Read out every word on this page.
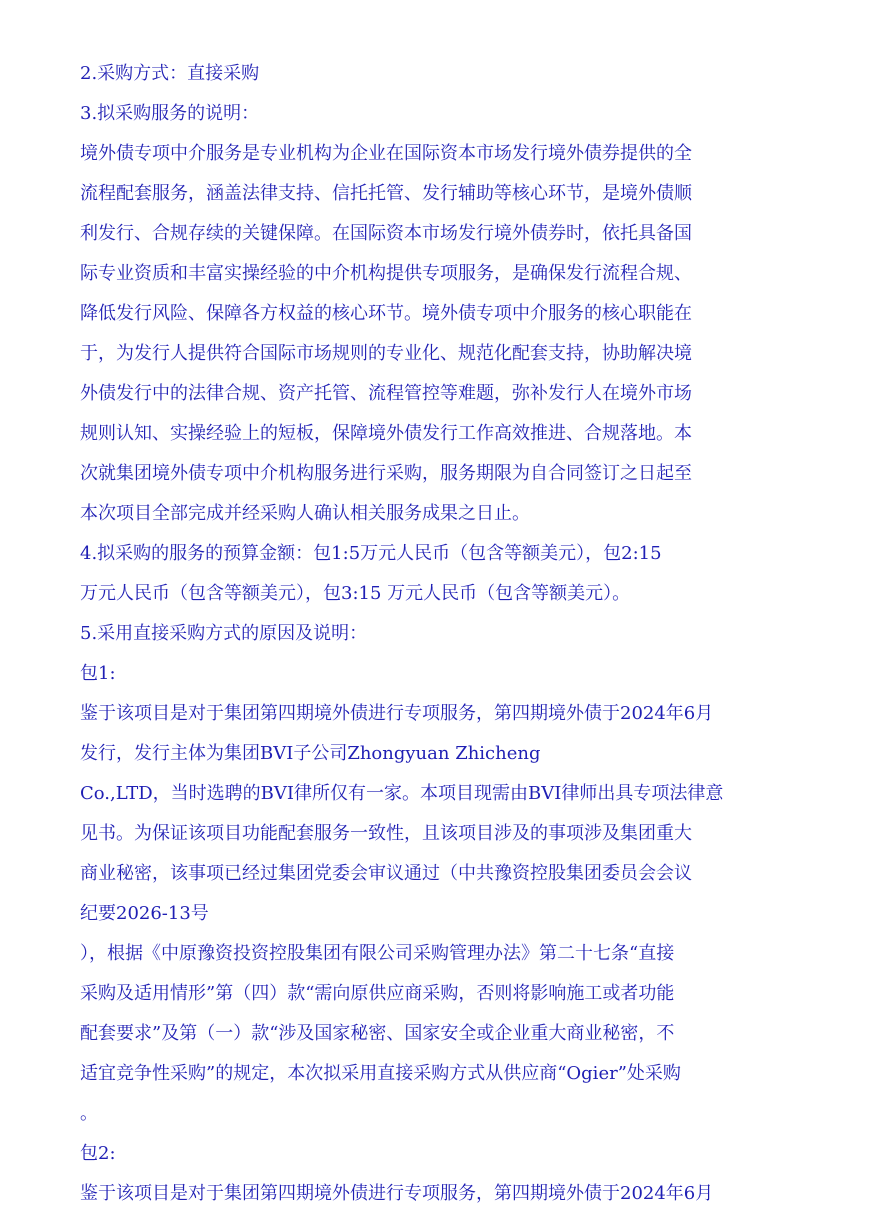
2.采购方式：直接采购
3.拟采购服务的说明：
境外债专项中介服务是专业机构为企业在国际资本市场发行境外债券提供的全
流程配套服务，涵盖法律支持、信托托管、发行辅助等核心环节，是境外债顺
利发行、合规存续的关键保障。在国际资本市场发行境外债券时，依托具备国
际专业资质和丰富实操经验的中介机构提供专项服务，是确保发行流程合规、
降低发行风险、保障各方权益的核心环节。境外债专项中介服务的核心职能在
于，为发行人提供符合国际市场规则的专业化、规范化配套支持，协助解决境
外债发行中的法律合规、资产托管、流程管控等难题，弥补发行人在境外市场
规则认知、实操经验上的短板，保障境外债发行工作高效推进、合规落地。本
次就集团境外债专项中介机构服务进行采购，服务期限为自合同签订之日起至
本次项目全部完成并经采购人确认相关服务成果之日止。
4.拟采购的服务的预算金额：包1:5万元人民币（包含等额美元），包2:15
万元人民币（包含等额美元），包3:15 万元人民币（包含等额美元）。
5.采用直接采购方式的原因及说明：
包1:
鉴于该项目是对于集团第四期境外债进行专项服务，第四期境外债于2024年6月
发行，发行主体为集团BVI子公司Zhongyuan Zhicheng
Co.,LTD，当时选聘的BVI律所仅有一家。本项目现需由BVI律师出具专项法律意
见书。为保证该项目功能配套服务一致性，且该项目涉及的事项涉及集团重大
商业秘密，该事项已经过集团党委会审议通过（中共豫资控股集团委员会会议
纪要2026-13号
），根据《中原豫资投资控股集团有限公司采购管理办法》第二十七条“直接
采购及适用情形”第（四）款“需向原供应商采购，否则将影响施工或者功能
配套要求”及第（一）款“涉及国家秘密、国家安全或企业重大商业秘密，不
适宜竞争性采购”的规定，本次拟采用直接采购方式从供应商“Ogier”处采购
。
包2:
鉴于该项目是对于集团第四期境外债进行专项服务，第四期境外债于2024年6月
